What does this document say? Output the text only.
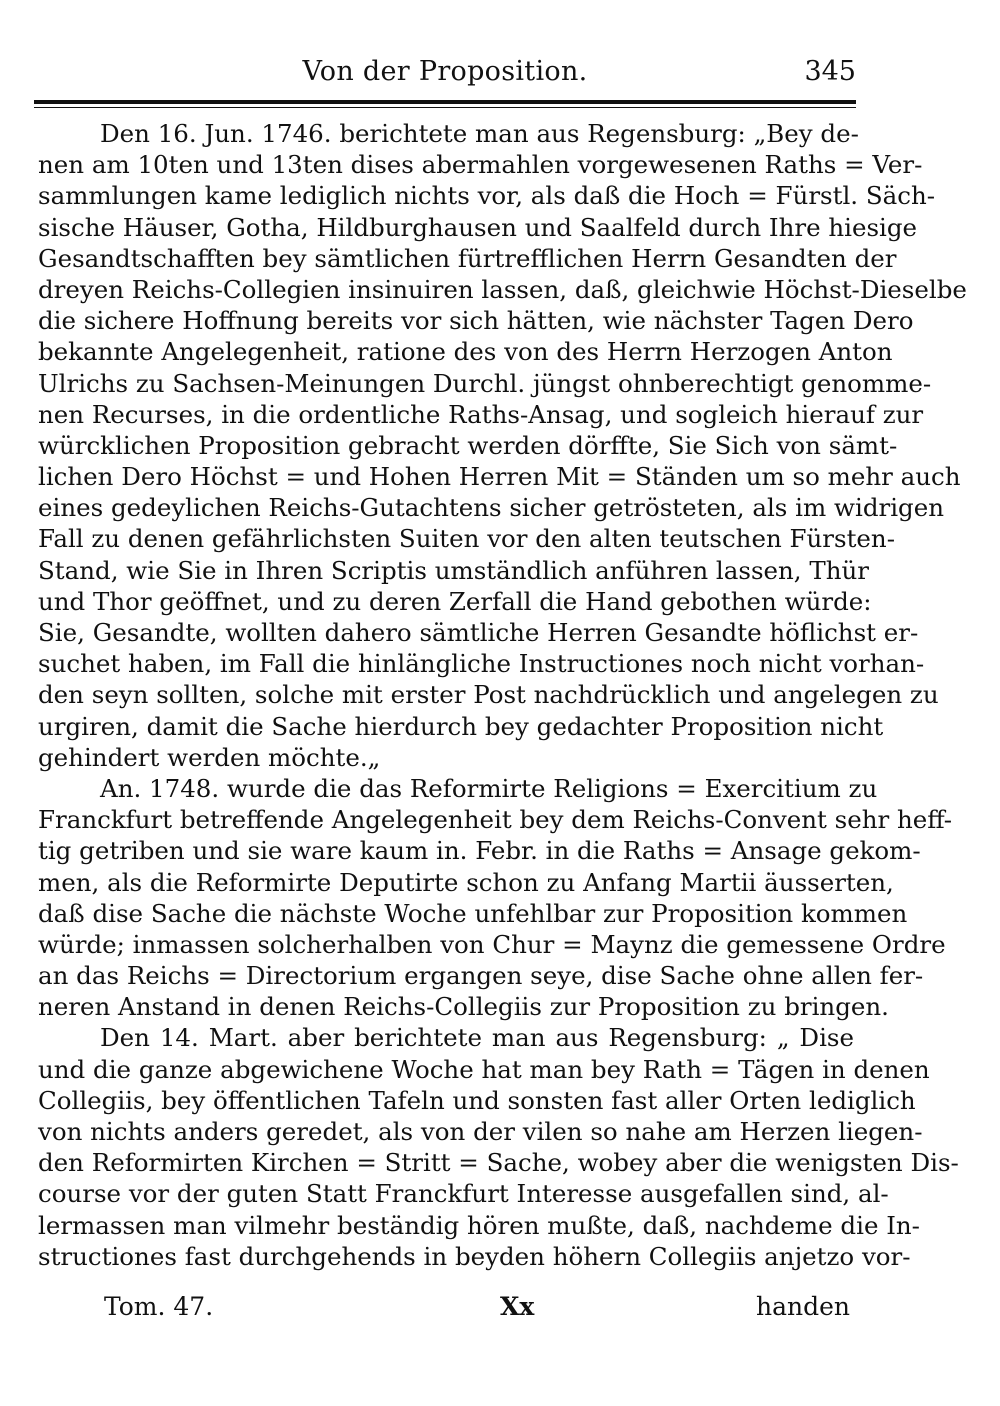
Von der Proposition.	345
Den 16. Jun. 1746. berichtete man aus Regensburg: „Bey de-
nen am 10ten und 13ten dises abermahlen vorgewesenen Raths = Ver-
sammlungen kame lediglich nichts vor, als daß die Hoch = Fürstl. Säch-
sische Häuser, Gotha, Hildburghausen und Saalfeld durch Ihre hiesige
Gesandtschafften bey sämtlichen fürtrefflichen Herrn Gesandten der
dreyen Reichs-Collegien insinuiren lassen, daß, gleichwie Höchst-Dieselbe
die sichere Hoffnung bereits vor sich hätten, wie nächster Tagen Dero
bekannte Angelegenheit, ratione des von des Herrn Herzogen Anton
Ulrichs zu Sachsen-Meinungen Durchl. jüngst ohnberechtigt genomme-
nen Recurses, in die ordentliche Raths-Ansag, und sogleich hierauf zur
würcklichen Proposition gebracht werden dörffte, Sie Sich von sämt-
lichen Dero Höchst = und Hohen Herren Mit = Ständen um so mehr auch
eines gedeylichen Reichs-Gutachtens sicher getrösteten, als im widrigen
Fall zu denen gefährlichsten Suiten vor den alten teutschen Fürsten-
Stand, wie Sie in Ihren Scriptis umständlich anführen lassen, Thür
und Thor geöffnet, und zu deren Zerfall die Hand gebothen würde:
Sie, Gesandte, wollten dahero sämtliche Herren Gesandte höflichst er-
suchet haben, im Fall die hinlängliche Instructiones noch nicht vorhan-
den seyn sollten, solche mit erster Post nachdrücklich und angelegen zu
urgiren, damit die Sache hierdurch bey gedachter Proposition nicht
gehindert werden möchte.„
An. 1748. wurde die das Reformirte Religions = Exercitium zu
Franckfurt betreffende Angelegenheit bey dem Reichs-Convent sehr heff-
tig getriben und sie ware kaum in. Febr. in die Raths = Ansage gekom-
men, als die Reformirte Deputirte schon zu Anfang Martii äusserten,
daß dise Sache die nächste Woche unfehlbar zur Proposition kommen
würde; inmassen solcherhalben von Chur = Maynz die gemessene Ordre
an das Reichs = Directorium ergangen seye, dise Sache ohne allen fer-
neren Anstand in denen Reichs-Collegiis zur Proposition zu bringen.
Den 14. Mart. aber berichtete man aus Regensburg: „ Dise
und die ganze abgewichene Woche hat man bey Rath = Tägen in denen
Collegiis, bey öffentlichen Tafeln und sonsten fast aller Orten lediglich
von nichts anders geredet, als von der vilen so nahe am Herzen liegen-
den Reformirten Kirchen = Stritt = Sache, wobey aber die wenigsten Dis-
course vor der guten Statt Franckfurt Interesse ausgefallen sind, al-
lermassen man vilmehr beständig hören mußte, daß, nachdeme die In-
structiones fast durchgehends in beyden höhern Collegiis anjetzo vor-
Tom. 47.	Xx	handen
